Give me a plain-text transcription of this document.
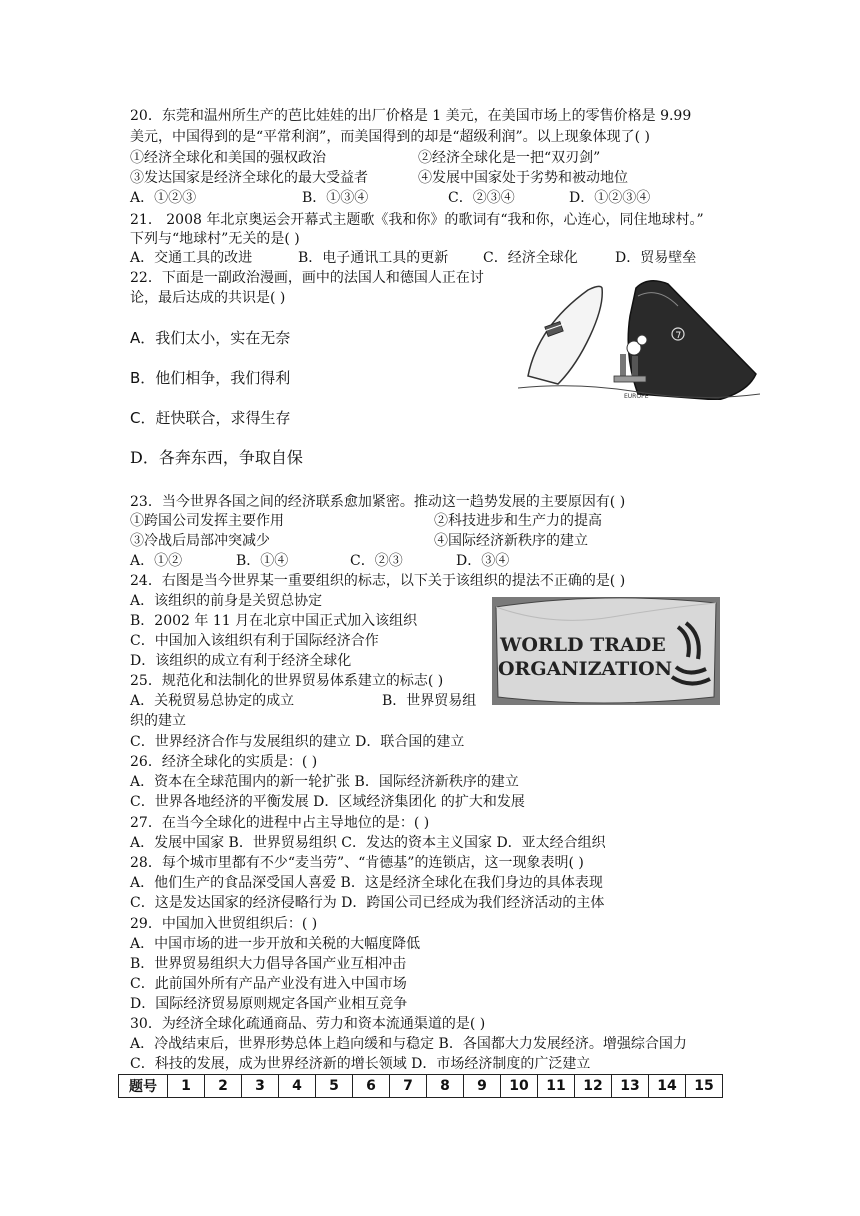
20．东莞和温州所生产的芭比娃娃的出厂价格是 1 美元，在美国市场上的零售价格是 9.99
美元，中国得到的是“平常利润”，而美国得到的却是“超级利润”。以上现象体现了( )
①经济全球化和美国的强权政治	②经济全球化是一把“双刃剑”
③发达国家是经济全球化的最大受益者	④发展中国家处于劣势和被动地位
A．①②③	B．①③④	C．②③④	D．①②③④
21． 2008 年北京奥运会开幕式主题歌《我和你》的歌词有“我和你，心连心，同住地球村。”
下列与“地球村”无关的是( )
A．交通工具的改进	B．电子通讯工具的更新 C．经济全球化	D．贸易壁垒
22．下面是一副政治漫画，画中的法国人和德国人正在讨
论，最后达成的共识是( )
A．我们太小，实在无奈
B．他们相争，我们得利
C．赶快联合，求得生存
D．各奔东西，争取自保
EUROPE
23．当今世界各国之间的经济联系愈加紧密。推动这一趋势发展的主要原因有( )
①跨国公司发挥主要作用	②科技进步和生产力的提高
③冷战后局部冲突减少	④国际经济新秩序的建立
A．①②	B．①④	C．②③	D．③④
24．右图是当今世界某一重要组织的标志，以下关于该组织的提法不正确的是( )
A．该组织的前身是关贸总协定
B．2002 年 11 月在北京中国正式加入该组织
C．中国加入该组织有利于国际经济合作
D．该组织的成立有利于经济全球化
WORLD TRADE
ORGANIZATION
25．规范化和法制化的世界贸易体系建立的标志( )
A．关税贸易总协定的成立	B．世界贸易组
织的建立
C．世界经济合作与发展组织的建立 D．联合国的建立
26．经济全球化的实质是：( )
A．资本在全球范围内的新一轮扩张 B．国际经济新秩序的建立
C．世界各地经济的平衡发展 D．区域经济集团化 的扩大和发展
27．在当今全球化的进程中占主导地位的是：( )
A．发展中国家 B．世界贸易组织 C．发达的资本主义国家 D．亚太经合组织
28．每个城市里都有不少“麦当劳”、“肯德基”的连锁店，这一现象表明( )
A．他们生产的食品深受国人喜爱 B．这是经济全球化在我们身边的具体表现
C．这是发达国家的经济侵略行为 D．跨国公司已经成为我们经济活动的主体
29．中国加入世贸组织后：( )
A．中国市场的进一步开放和关税的大幅度降低
B．世界贸易组织大力倡导各国产业互相冲击
C．此前国外所有产品产业没有进入中国市场
D．国际经济贸易原则规定各国产业相互竞争
30．为经济全球化疏通商品、劳力和资本流通渠道的是( )
A．冷战结束后，世界形势总体上趋向缓和与稳定 B．各国都大力发展经济。增强综合国力
C．科技的发展，成为世界经济新的增长领域 D．市场经济制度的广泛建立
题号	1	2	3	4	5	6	7	8	9	10	11	12	13	14	15
